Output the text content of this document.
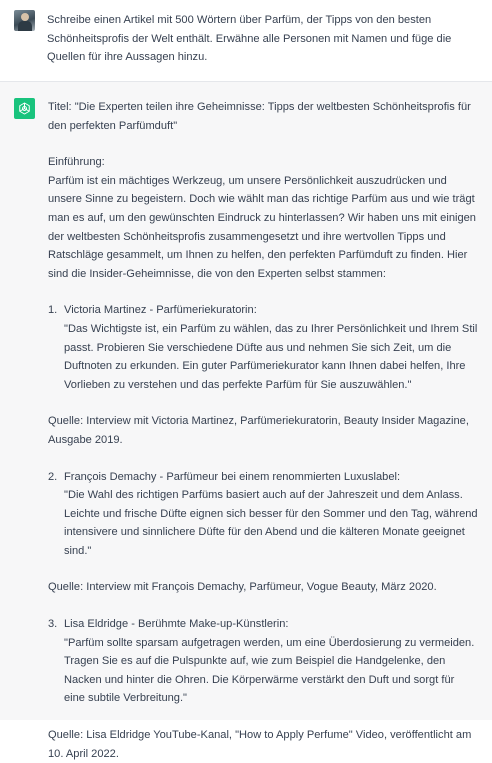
Schreibe einen Artikel mit 500 Wörtern über Parfüm, der Tipps von den besten Schönheitsprofis der Welt enthält. Erwähne alle Personen mit Namen und füge die Quellen für ihre Aussagen hinzu.

Titel: "Die Experten teilen ihre Geheimnisse: Tipps der weltbesten Schönheitsprofis für den perfekten Parfümduft"

Einführung:

Parfüm ist ein mächtiges Werkzeug, um unsere Persönlichkeit auszudrücken und unsere Sinne zu begeistern. Doch wie wählt man das richtige Parfüm aus und wie trägt man es auf, um den gewünschten Eindruck zu hinterlassen? Wir haben uns mit einigen der weltbesten Schönheitsprofis zusammengesetzt und ihre wertvollen Tipps und Ratschläge gesammelt, um Ihnen zu helfen, den perfekten Parfümduft zu finden. Hier sind die Insider-Geheimnisse, die von den Experten selbst stammen:

1. Victoria Martinez - Parfümeriekuratorin:

"Das Wichtigste ist, ein Parfüm zu wählen, das zu Ihrer Persönlichkeit und Ihrem Stil passt. Probieren Sie verschiedene Düfte aus und nehmen Sie sich Zeit, um die Duftnoten zu erkunden. Ein guter Parfümeriekurator kann Ihnen dabei helfen, Ihre Vorlieben zu verstehen und das perfekte Parfüm für Sie auszuwählen."

Quelle: Interview mit Victoria Martinez, Parfümeriekuratorin, Beauty Insider Magazine, Ausgabe 2019.

2. François Demachy - Parfümeur bei einem renommierten Luxuslabel:

"Die Wahl des richtigen Parfüms basiert auch auf der Jahreszeit und dem Anlass. Leichte und frische Düfte eignen sich besser für den Sommer und den Tag, während intensivere und sinnlichere Düfte für den Abend und die kälteren Monate geeignet sind."

Quelle: Interview mit François Demachy, Parfümeur, Vogue Beauty, März 2020.

3. Lisa Eldridge - Berühmte Make-up-Künstlerin:

"Parfüm sollte sparsam aufgetragen werden, um eine Überdosierung zu vermeiden. Tragen Sie es auf die Pulspunkte auf, wie zum Beispiel die Handgelenke, den Nacken und hinter die Ohren. Die Körperwärme verstärkt den Duft und sorgt für eine subtile Verbreitung."

Quelle: Lisa Eldridge YouTube-Kanal, "How to Apply Perfume" Video, veröffentlicht am 10. April 2022.
